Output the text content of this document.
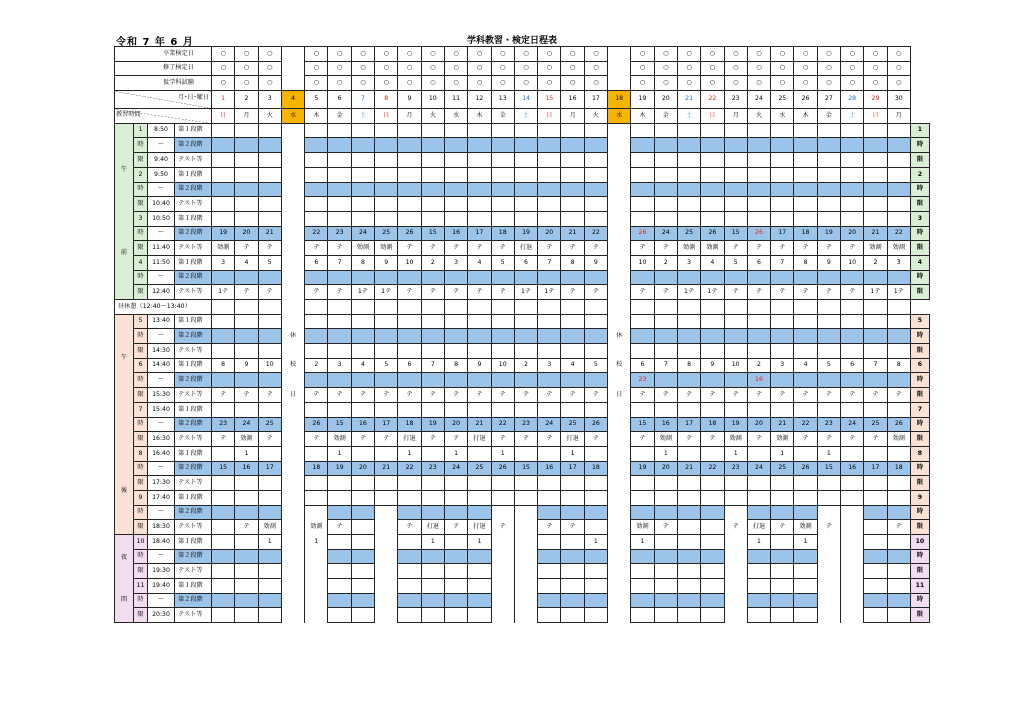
令和 7 年 6 月	学科教習・検定日程表
卒業検定日				○	○	○		○	○	○	○	○	○	○	○	○	○	○	○	○		○	○	○	○	○	○	○	○	○	○	○	○	
修了検定日				○	○	○		○	○	○	○	○	○	○	○	○	○	○	○	○		○	○	○	○	○	○	○	○	○	○	○	○	
仮学科試験				○	○	○		○	○	○	○	○	○	○	○	○	○	○	○	○		○	○	○	○	○	○	○	○	○	○	○	○	

月･日･曜日				1	2	3	4	5	6	7	8	9	10	11	12	13	14	15	16	17	18	19	20	21	22	23	24	25	26	27	28	29	30	

教習時間				日	月	火	水	木	金	土	日	月	火	水	木	金	土	日	月	火	水	木	金	土	日	月	火	水	木	金	土	日	月	

午
前	1	8:50	第１段階																															1
	時	〜	第２段階																															時
	限	9:40	テスト等																															限
	2	9:50	第１段階																															2
	時	〜	第２段階																															時
	限	10:40	テスト等																															限
	3	10:50	第１段階																															3
	時	〜	第２段階	19	20	21		22	23	24	25	26	15	16	17	18	19	20	21	22		26	24	25	26	15	26	17	18	19	20	21	22	時
	限	11:40	テスト等	効測	テ	テ		テ	テ	効測	効測	テ	テ	テ	テ	テ	打退	テ	テ	テ		テ	テ	効測	効測	テ	テ	テ	テ	テ	テ	効測	効測	限
	4	11:50	第１段階	3	4	5		6	7	8	9	10	2	3	4	5	6	7	8	9		10	2	3	4	5	6	7	8	9	10	2	3	4
	時	〜	第２段階																															時
	限	12:40	テスト等	1テ	テ	テ		テ	テ	1テ	1テ	テ	テ	テ	テ	テ	1テ	1テ	テ	テ		テ	テ	1テ	1テ	テ	テ	テ	テ	テ	テ	1テ	1テ	限
昼休憩（12:40〜13:40）																																		

午
後	5	13:40	第１段階																															5
	時	〜	第２段階				休														休													時
	限	14:30	テスト等																															限
	6	14:40	第１段階	8	9	10	校	2	3	4	5	6	7	8	9	10	2	3	4	5	校	6	7	8	9	10	2	3	4	5	6	7	8	6
	時	〜	第２段階																			23					16							時
	限	15:30	テスト等	テ	テ	テ	日	テ	テ	テ	テ	テ	テ	テ	テ	テ	テ	テ	テ	テ	日	テ	テ	テ	テ	テ	テ	テ	テ	テ	テ	テ	テ	限
	7	15:40	第１段階																															7
	時	〜	第２段階	23	24	25		26	15	16	17	18	19	20	21	22	23	24	25	26		15	16	17	18	19	20	21	22	23	24	25	26	時
	限	16:30	テスト等	テ	効測	テ		テ	効測	テ	テ	打退	テ	テ	打退	テ	テ	テ	打退	テ		テ	効測	テ	テ	効測	テ	効測	テ	テ	テ	テ	効測	限
	8	16:40	第１段階		1				1			1		1		1			1				1			1		1		1				8
	時	〜	第２段階	15	16	17		18	19	20	21	22	23	24	25	26	15	16	17	18		19	20	21	22	23	24	25	26	15	16	17	18	時
	限	17:30	テスト等																															限
	9	17:40	第１段階																															9
	時	〜	第２段階																															時
	限	18:30	テスト等		テ	効測		効測	テ			テ	打退	テ	打退	テ		テ	テ			効測	テ			テ	打退	テ	効測	テ			テ	限

夜
間	10	18:40	第１段階			1		1					1		1					1		1					1		1					10
	時	〜	第２段階																															時
	限	19:30	テスト等																															限
	11	19:40	第１段階																															11
	時	〜	第２段階																															時
	限	20:30	テスト等																															限
